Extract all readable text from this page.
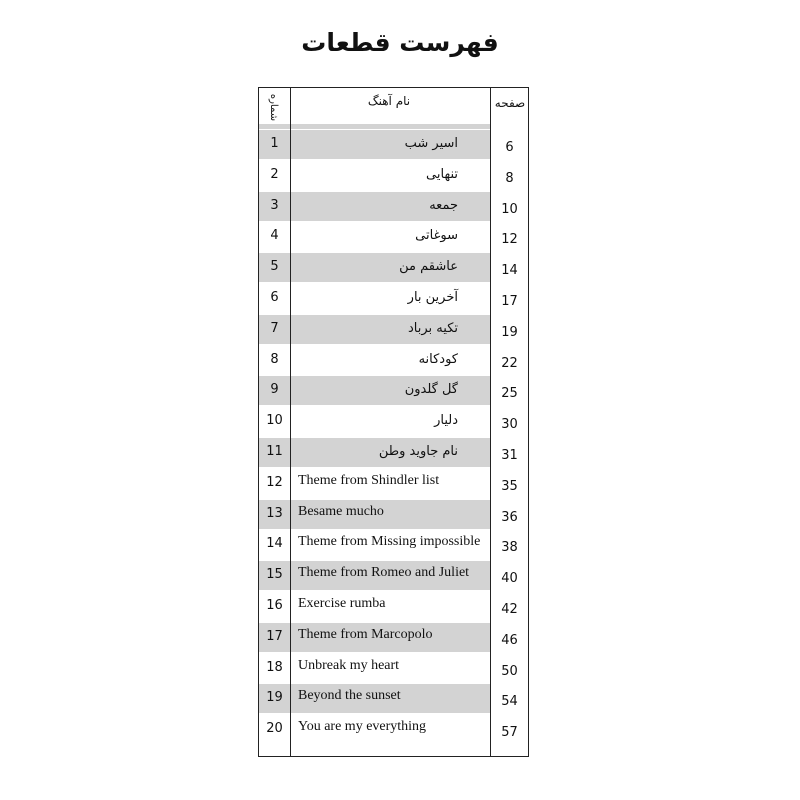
فهرست قطعات
1	اسیر شب	6
2	تنهایی	8
3	جمعه	10
4	سوغاتی	12
5	عاشقم من	14
6	آخرین بار	17
7	تکیه برباد	19
8	کودکانه	22
9	گل گلدون	25
10	دلیار	30
11	نام جاوید وطن	31
12	Theme from Shindler list	35
13	Besame mucho	36
14	Theme from Missing impossible	38
15	Theme from Romeo and Juliet	40
16	Exercise rumba	42
17	Theme from Marcopolo	46
18	Unbreak my heart	50
19	Beyond the sunset	54
20	You are my everything	57
شماره	نام آهنگ	صفحه
